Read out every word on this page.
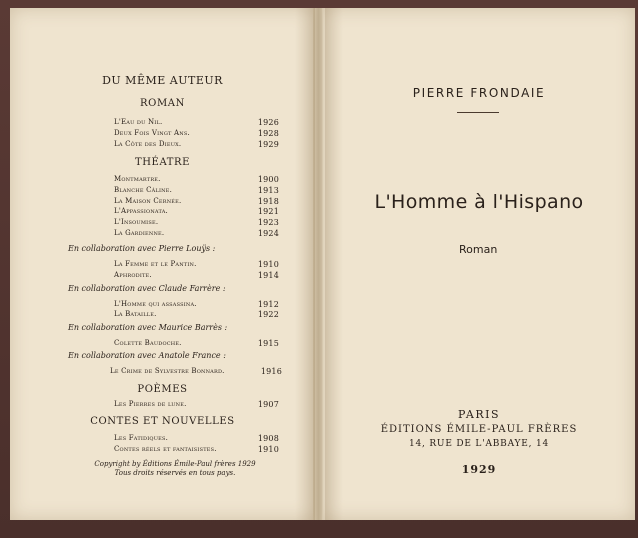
DU MÊME AUTEUR
ROMAN
L'Eau du Nil.	1926
Deux Fois Vingt Ans.	1928
La Côte des Dieux.	1929
THÉATRE
Montmartre.	1900
Blanche Câline.	1913
La Maison Cernée.	1918
L'Appassionata.	1921
L'Insoumise.	1923
La Gardienne.	1924
En collaboration avec Pierre Louÿs :
La Femme et le Pantin.	1910
Aphrodite.	1914
En collaboration avec Claude Farrère :
L'Homme qui assassina.	1912
La Bataille.	1922
En collaboration avec Maurice Barrès :
Colette Baudoche.	1915
En collaboration avec Anatole France :
Le Crime de Sylvestre Bonnard.	1916
POÈMES
Les Pierres de lune.	1907
CONTES ET NOUVELLES
Les Fatidiques.	1908
Contes réels et fantaisistes.	1910
Copyright by Éditions Émile-Paul frères 1929
Tous droits réservés en tous pays.
PIERRE FRONDAIE
L'Homme à l'Hispano
Roman
PARIS
ÉDITIONS ÉMILE-PAUL FRÈRES
14, RUE DE L'ABBAYE, 14
1929
